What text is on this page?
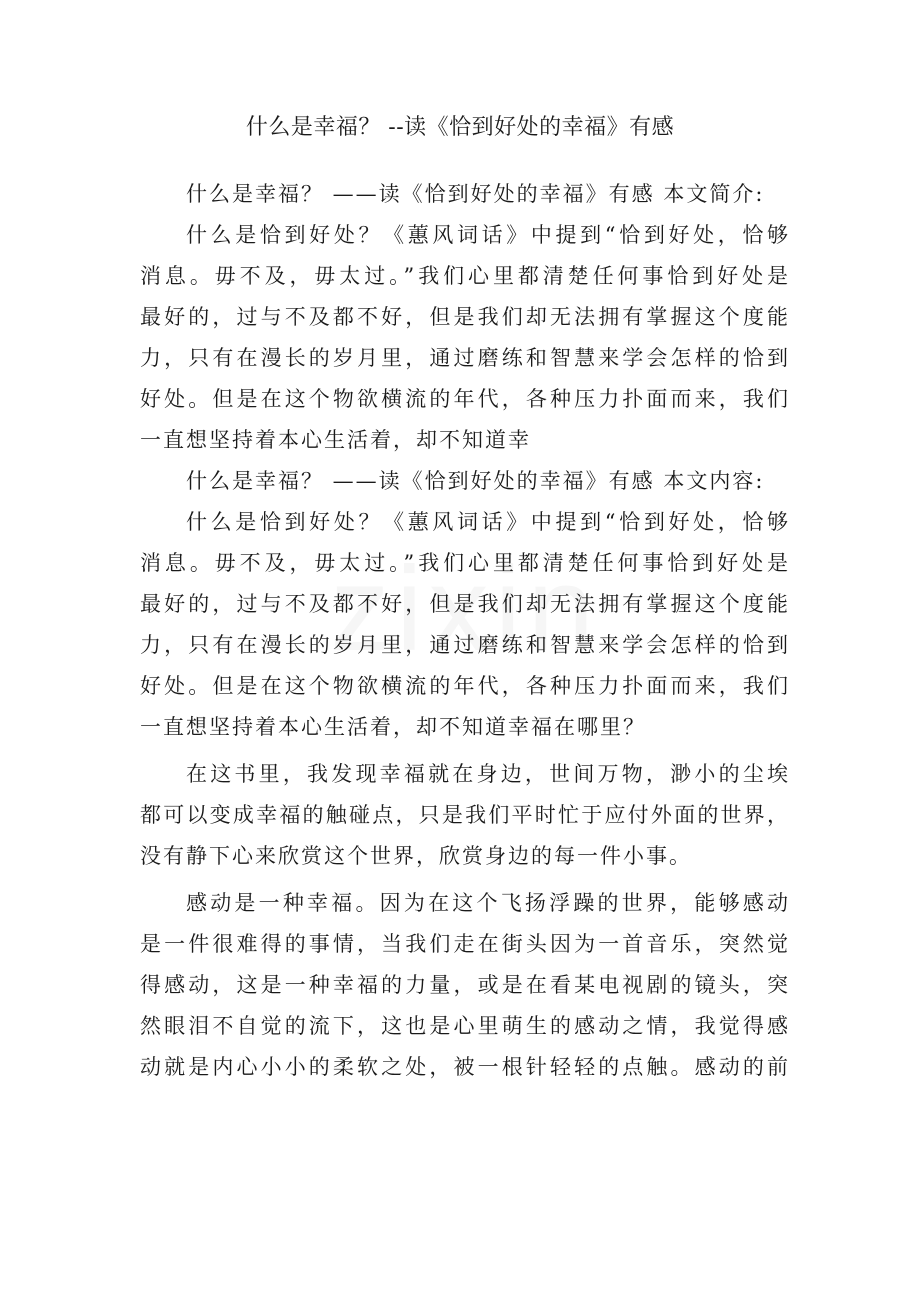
什么是幸福？ --读《恰到好处的幸福》有感

什么是幸福？ ——读《恰到好处的幸福》有感 本文简介:

什么是恰到好处？《蕙风词话》中提到“恰到好处，恰够
消息。毋不及，毋太过。”我们心里都清楚任何事恰到好处是
最好的，过与不及都不好，但是我们却无法拥有掌握这个度能
力，只有在漫长的岁月里，通过磨练和智慧来学会怎样的恰到
好处。但是在这个物欲横流的年代，各种压力扑面而来，我们
一直想坚持着本心生活着，却不知道幸

什么是幸福？ ——读《恰到好处的幸福》有感 本文内容:

什么是恰到好处？《蕙风词话》中提到“恰到好处，恰够
消息。毋不及，毋太过。”我们心里都清楚任何事恰到好处是
最好的，过与不及都不好，但是我们却无法拥有掌握这个度能
力，只有在漫长的岁月里，通过磨练和智慧来学会怎样的恰到
好处。但是在这个物欲横流的年代，各种压力扑面而来，我们
一直想坚持着本心生活着，却不知道幸福在哪里？

在这书里，我发现幸福就在身边，世间万物，渺小的尘埃
都可以变成幸福的触碰点，只是我们平时忙于应付外面的世界，
没有静下心来欣赏这个世界，欣赏身边的每一件小事。

感动是一种幸福。因为在这个飞扬浮躁的世界，能够感动
是一件很难得的事情，当我们走在街头因为一首音乐，突然觉
得感动，这是一种幸福的力量，或是在看某电视剧的镜头，突
然眼泪不自觉的流下，这也是心里萌生的感动之情，我觉得感
动就是内心小小的柔软之处，被一根针轻轻的点触。感动的前
